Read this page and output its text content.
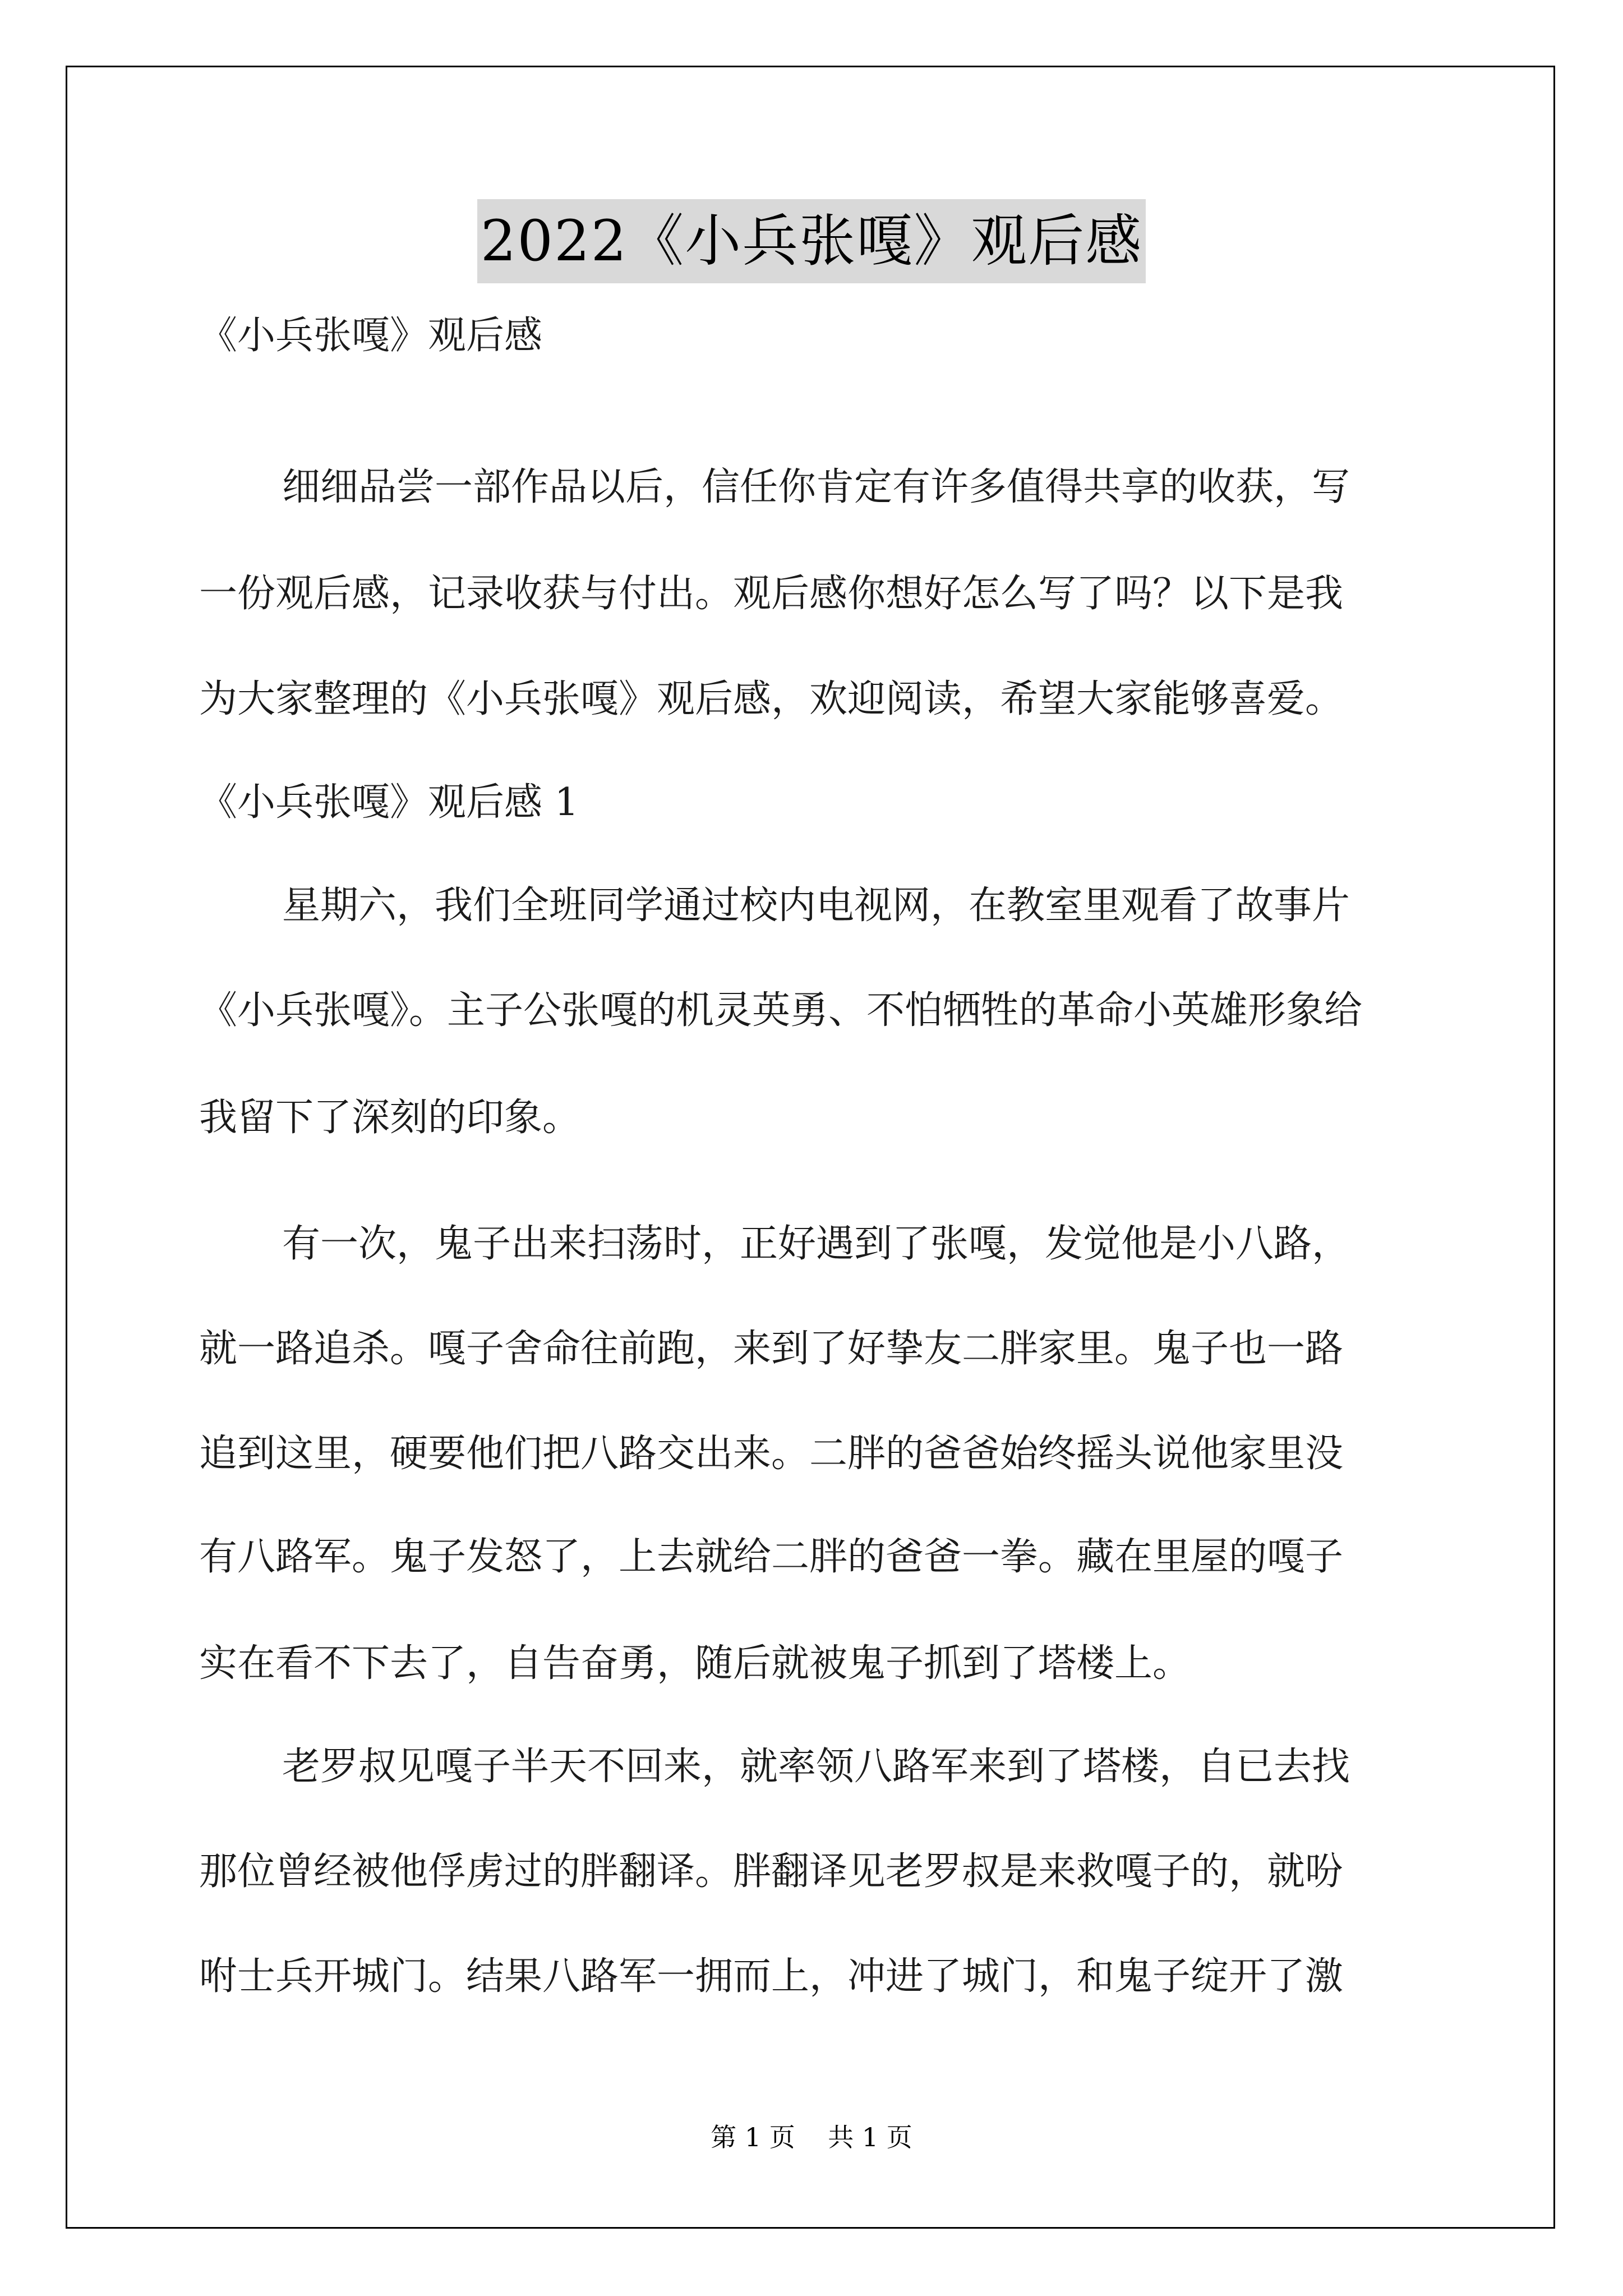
2022《小兵张嘎》观后感
《小兵张嘎》观后感
细细品尝一部作品以后，信任你肯定有许多值得共享的收获，写
一份观后感，记录收获与付出。观后感你想好怎么写了吗？以下是我
为大家整理的《小兵张嘎》观后感，欢迎阅读，希望大家能够喜爱。
《小兵张嘎》观后感 1
星期六，我们全班同学通过校内电视网，在教室里观看了故事片
《小兵张嘎》。主子公张嘎的机灵英勇、不怕牺牲的革命小英雄形象给
我留下了深刻的印象。
有一次，鬼子出来扫荡时，正好遇到了张嘎，发觉他是小八路，
就一路追杀。嘎子舍命往前跑，来到了好挚友二胖家里。鬼子也一路
追到这里，硬要他们把八路交出来。二胖的爸爸始终摇头说他家里没
有八路军。鬼子发怒了，上去就给二胖的爸爸一拳。藏在里屋的嘎子
实在看不下去了，自告奋勇，随后就被鬼子抓到了塔楼上。
老罗叔见嘎子半天不回来，就率领八路军来到了塔楼，自已去找
那位曾经被他俘虏过的胖翻译。胖翻译见老罗叔是来救嘎子的，就吩
咐士兵开城门。结果八路军一拥而上，冲进了城门，和鬼子绽开了激
第 1 页    共 1 页
